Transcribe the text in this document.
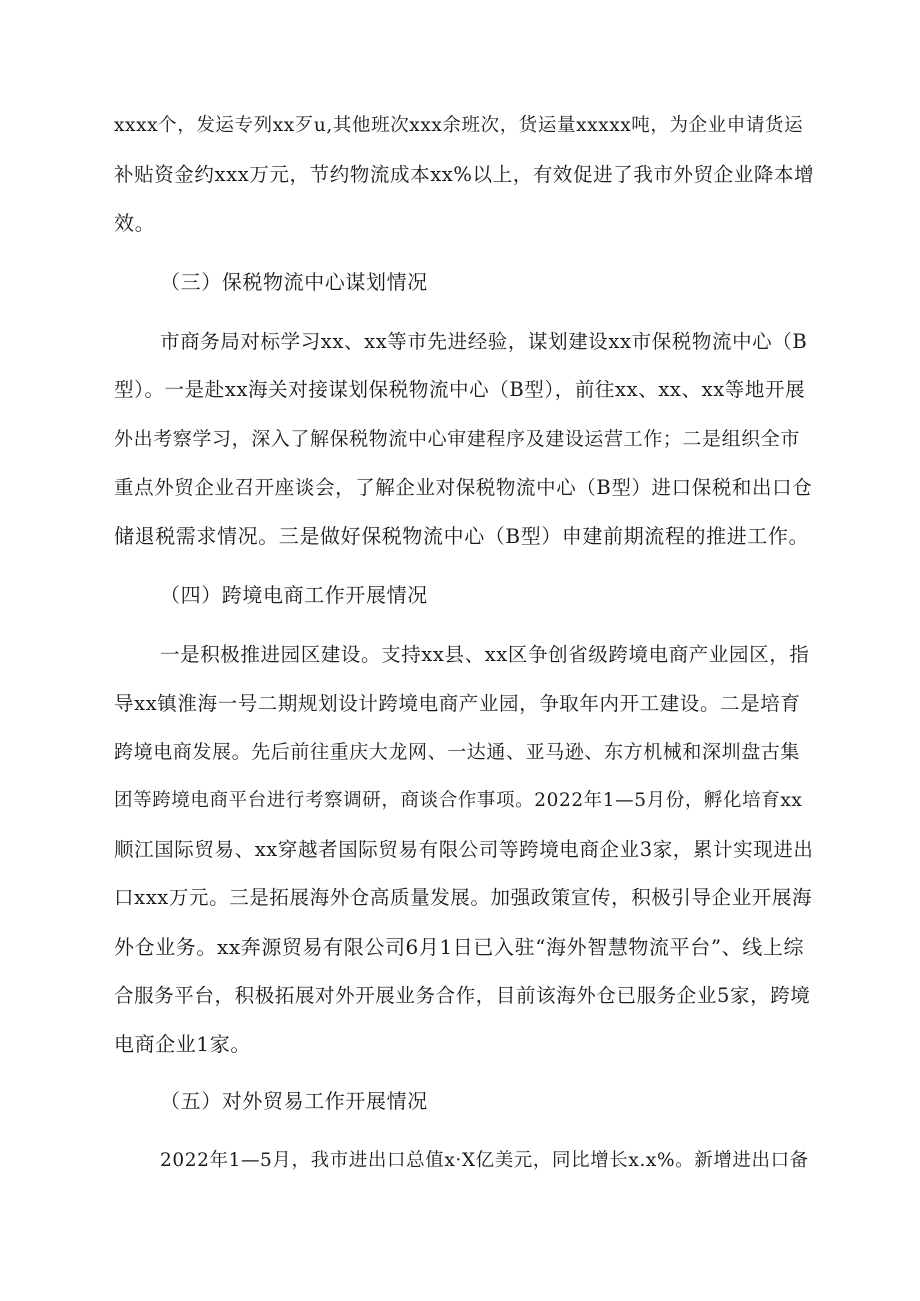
xxxx个，发运专列xx歹u,其他班次xxx余班次，货运量xxxxx吨，为企业申请货运
补贴资金约xxx万元，节约物流成本xx%以上，有效促进了我市外贸企业降本增
效。
（三）保税物流中心谋划情况
市商务局对标学习xx、xx等市先进经验，谋划建设xx市保税物流中心（B
型）。一是赴xx海关对接谋划保税物流中心（B型），前往xx、xx、xx等地开展
外出考察学习，深入了解保税物流中心审建程序及建设运营工作；二是组织全市
重点外贸企业召开座谈会，了解企业对保税物流中心（B型）进口保税和出口仓
储退税需求情况。三是做好保税物流中心（B型）申建前期流程的推进工作。
（四）跨境电商工作开展情况
一是积极推进园区建设。支持xx县、xx区争创省级跨境电商产业园区，指
导xx镇淮海一号二期规划设计跨境电商产业园，争取年内开工建设。二是培育
跨境电商发展。先后前往重庆大龙网、一达通、亚马逊、东方机械和深圳盘古集
团等跨境电商平台进行考察调研，商谈合作事项。2022年1—5月份，孵化培育xx
顺江国际贸易、xx穿越者国际贸易有限公司等跨境电商企业3家，累计实现进出
口xxx万元。三是拓展海外仓高质量发展。加强政策宣传，积极引导企业开展海
外仓业务。xx奔源贸易有限公司6月1日已入驻“海外智慧物流平台”、线上综
合服务平台，积极拓展对外开展业务合作，目前该海外仓已服务企业5家，跨境
电商企业1家。
（五）对外贸易工作开展情况
2022年1—5月，我市进出口总值x·X亿美元，同比增长x.x%。新增进出口备
